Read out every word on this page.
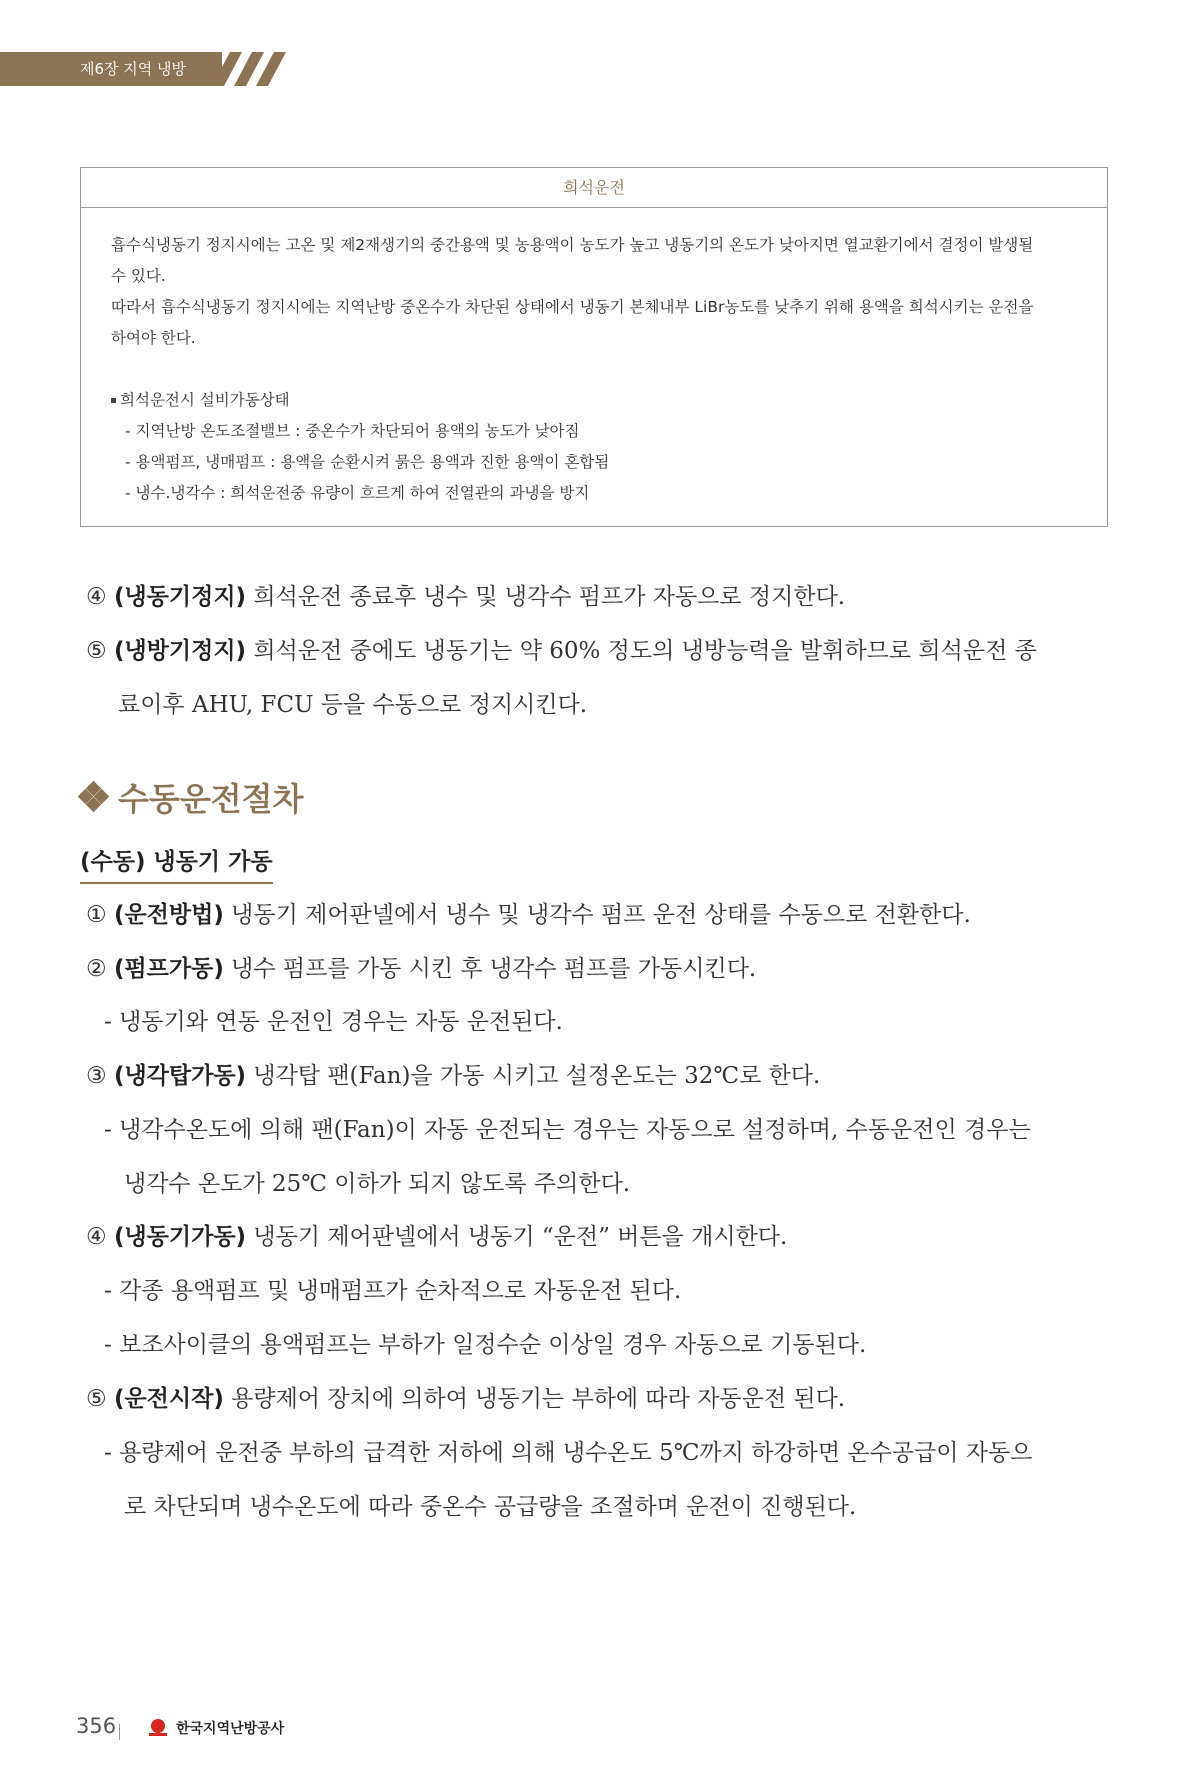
제6장 지역 냉방
희석운전
흡수식냉동기 정지시에는 고온 및 제2재생기의 중간용액 및 농용액이 농도가 높고 냉동기의 온도가 낮아지면 열교환기에서 결정이 발생될
수 있다.
따라서 흡수식냉동기 정지시에는 지역난방 중온수가 차단된 상태에서 냉동기 본체내부 LiBr농도를 낮추기 위해 용액을 희석시키는 운전을
하여야 한다.
희석운전시 설비가동상태
- 지역난방 온도조절밸브 : 중온수가 차단되어 용액의 농도가 낮아짐
- 용액펌프, 냉매펌프 : 용액을 순환시켜 묽은 용액과 진한 용액이 혼합됨
- 냉수.냉각수 : 희석운전중 유량이 흐르게 하여 전열관의 과냉을 방지
④ (냉동기정지) 희석운전 종료후 냉수 및 냉각수 펌프가 자동으로 정지한다.
⑤ (냉방기정지) 희석운전 중에도 냉동기는 약 60% 정도의 냉방능력을 발휘하므로 희석운전 종
료이후 AHU, FCU 등을 수동으로 정지시킨다.
수동운전절차
(수동) 냉동기 가동
① (운전방법) 냉동기 제어판넬에서 냉수 및 냉각수 펌프 운전 상태를 수동으로 전환한다.
② (펌프가동) 냉수 펌프를 가동 시킨 후 냉각수 펌프를 가동시킨다.
- 냉동기와 연동 운전인 경우는 자동 운전된다.
③ (냉각탑가동) 냉각탑 팬(Fan)을 가동 시키고 설정온도는 32℃로 한다.
- 냉각수온도에 의해 팬(Fan)이 자동 운전되는 경우는 자동으로 설정하며, 수동운전인 경우는
냉각수 온도가 25℃ 이하가 되지 않도록 주의한다.
④ (냉동기가동) 냉동기 제어판넬에서 냉동기 “운전” 버튼을 개시한다.
- 각종 용액펌프 및 냉매펌프가 순차적으로 자동운전 된다.
- 보조사이클의 용액펌프는 부하가 일정수순 이상일 경우 자동으로 기동된다.
⑤ (운전시작) 용량제어 장치에 의하여 냉동기는 부하에 따라 자동운전 된다.
- 용량제어 운전중 부하의 급격한 저하에 의해 냉수온도 5℃까지 하강하면 온수공급이 자동으
로 차단되며 냉수온도에 따라 중온수 공급량을 조절하며 운전이 진행된다.
356	한국지역난방공사
